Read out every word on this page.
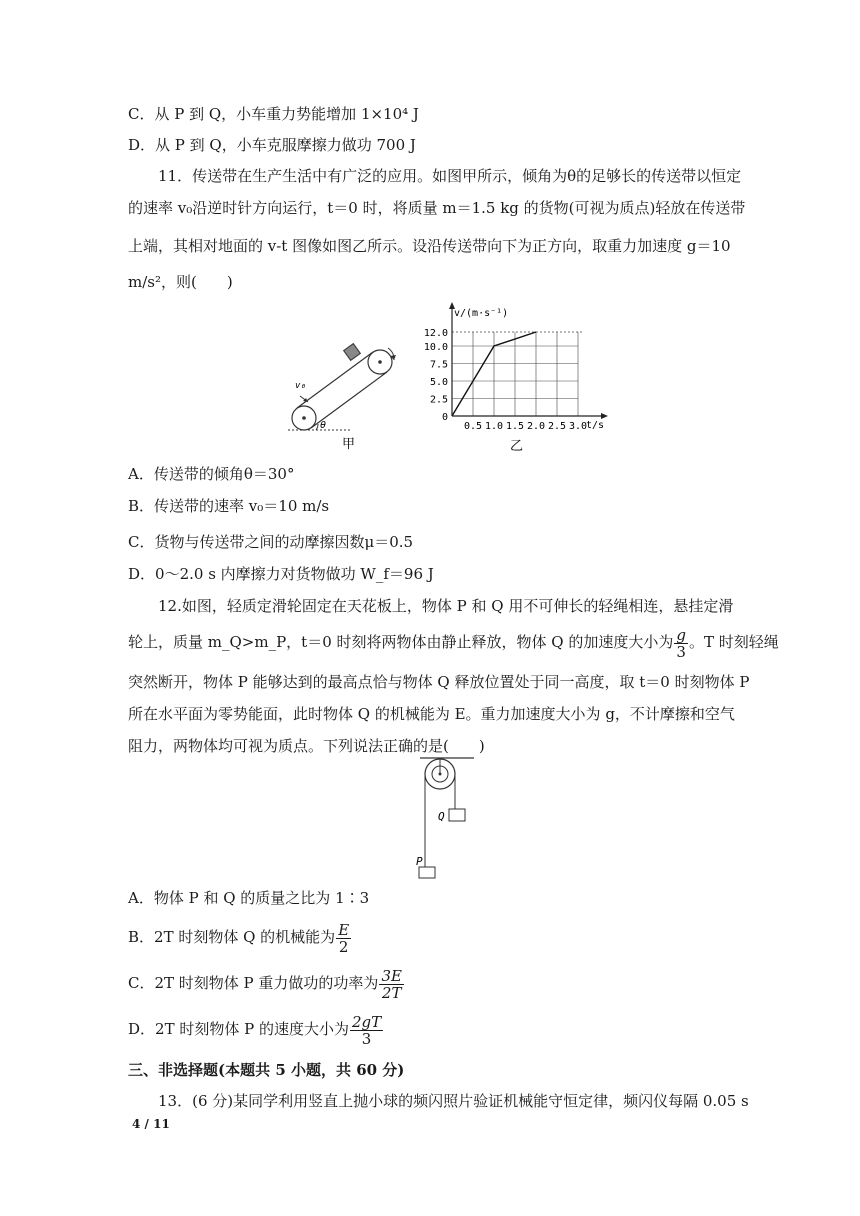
C．从 P 到 Q，小车重力势能增加 1×10⁴ J
D．从 P 到 Q，小车克服摩擦力做功 700 J
11．传送带在生产生活中有广泛的应用。如图甲所示，倾角为θ的足够长的传送带以恒定
的速率 v₀沿逆时针方向运行，t＝0 时，将质量 m＝1.5 kg 的货物(可视为质点)轻放在传送带
上端，其相对地面的 v-t 图像如图乙所示。设沿传送带向下为正方向，取重力加速度 g＝10
m/s²，则(　　)
v₀
θ
甲
12.0
10.0
7.5
5.0
2.5
0
0.5 1.0 1.5 2.0 2.5 3.0
v/(m·s⁻¹)
t/s
乙
A．传送带的倾角θ＝30°
B．传送带的速率 v₀＝10 m/s
C．货物与传送带之间的动摩擦因数μ＝0.5
D．0～2.0 s 内摩擦力对货物做功 W_f＝96 J
12.如图，轻质定滑轮固定在天花板上，物体 P 和 Q 用不可伸长的轻绳相连，悬挂定滑
轮上，质量 m_Q>m_P，t＝0 时刻将两物体由静止释放，物体 Q 的加速度大小为 $\frac{g}{3}$ 。T 时刻轻绳
突然断开，物体 P 能够达到的最高点恰与物体 Q 释放位置处于同一高度，取 t＝0 时刻物体 P
所在水平面为零势能面，此时物体 Q 的机械能为 E。重力加速度大小为 g，不计摩擦和空气
阻力，两物体均可视为质点。下列说法正确的是(　　)
Q
P
A．物体 P 和 Q 的质量之比为 1∶3
B．2T 时刻物体 Q 的机械能为 $\frac{E}{2}$
C．2T 时刻物体 P 重力做功的功率为 $\frac{3E}{2T}$
D．2T 时刻物体 P 的速度大小为 $\frac{2gT}{3}$
三、非选择题(本题共 5 小题，共 60 分)
13．(6 分)某同学利用竖直上抛小球的频闪照片验证机械能守恒定律，频闪仪每隔 0.05 s
4 / 11
